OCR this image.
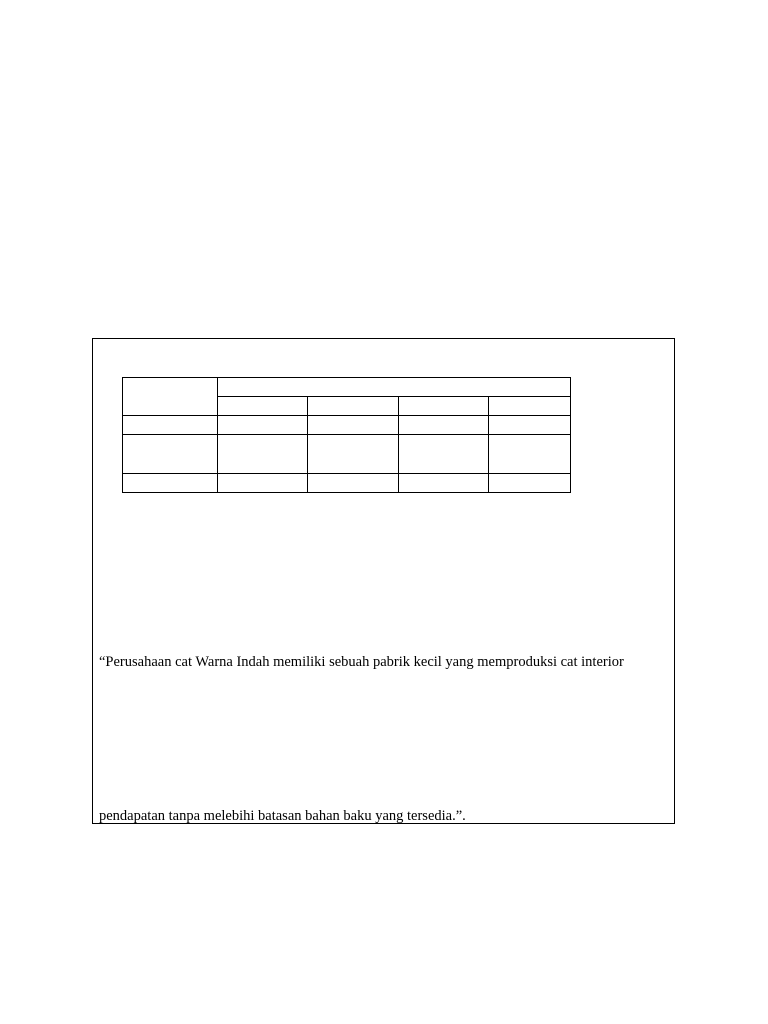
“Perusahaan cat Warna Indah memiliki sebuah pabrik kecil yang memproduksi cat interior
pendapatan tanpa melebihi batasan bahan baku yang tersedia.”.
